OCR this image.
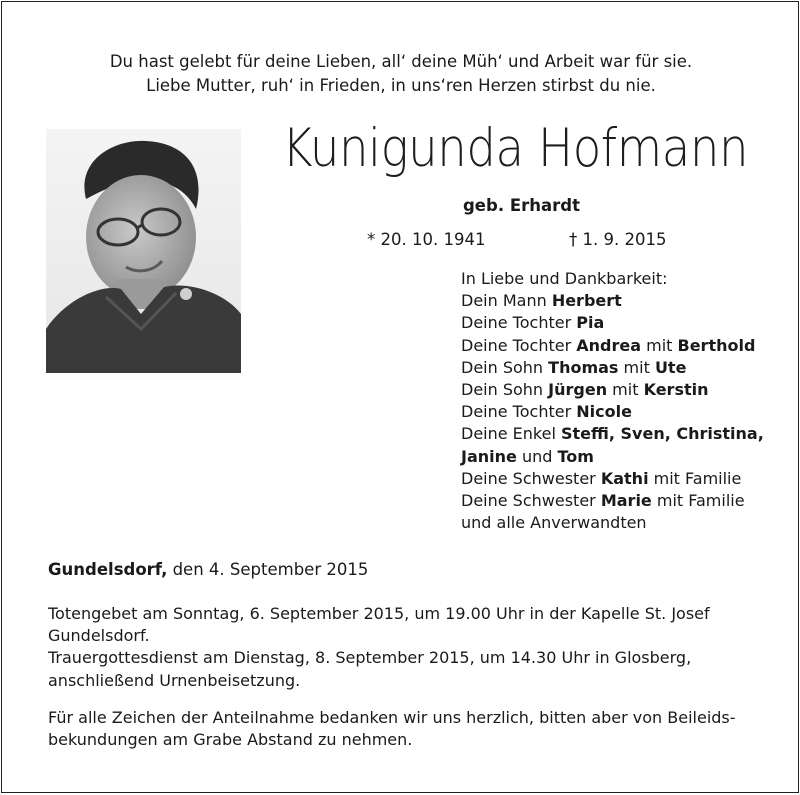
Du hast gelebt für deine Lieben, all‘ deine Müh‘ und Arbeit war für sie.
Liebe Mutter, ruh‘ in Frieden, in uns‘ren Herzen stirbst du nie.
Kunigunda Hofmann
geb. Erhardt
* 20. 10. 1941	† 1. 9. 2015
In Liebe und Dankbarkeit:
Dein Mann Herbert
Deine Tochter Pia
Deine Tochter Andrea mit Berthold
Dein Sohn Thomas mit Ute
Dein Sohn Jürgen mit Kerstin
Deine Tochter Nicole
Deine Enkel Steffi, Sven, Christina,
Janine und Tom
Deine Schwester Kathi mit Familie
Deine Schwester Marie mit Familie
und alle Anverwandten
Gundelsdorf, den 4. September 2015
Totengebet am Sonntag, 6. September 2015, um 19.00 Uhr in der Kapelle St. Josef
Gundelsdorf.
Trauergottesdienst am Dienstag, 8. September 2015, um 14.30 Uhr in Glosberg,
anschließend Urnenbeisetzung.
Für alle Zeichen der Anteilnahme bedanken wir uns herzlich, bitten aber von Beileids-
bekundungen am Grabe Abstand zu nehmen.
